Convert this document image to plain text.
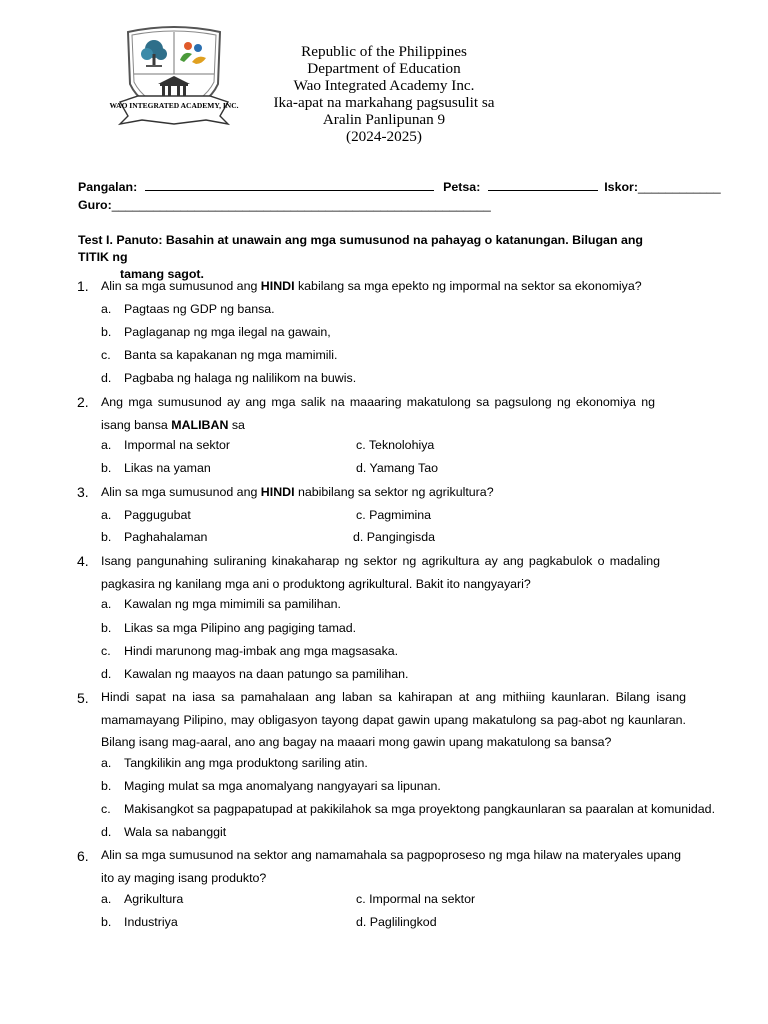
WAO INTEGRATED ACADEMY, INC.
Republic of the Philippines
Department of Education
Wao Integrated Academy Inc.
Ika-apat na markahang pagsusulit sa
Aralin Panlipunan 9
(2024-2025)
Pangalan:	Petsa:	Iskor:____________
Guro:_______________________________________________________
Test I. Panuto: Basahin at unawain ang mga sumusunod na pahayag o katanungan. Bilugan ang TITIK ng
tamang sagot.
1. Alin sa mga sumusunod ang HINDI kabilang sa mga epekto ng impormal na sektor sa ekonomiya?
a. Pagtaas ng GDP ng bansa.
b. Paglaganap ng mga ilegal na gawain,
c. Banta sa kapakanan ng mga mamimili.
d. Pagbaba ng halaga ng nalilikom na buwis.
2. Ang mga sumusunod ay ang mga salik na maaaring makatulong sa pagsulong ng ekonomiya ng isang bansa MALIBAN sa
a. Impormal na sektor	c. Teknolohiya
b. Likas na yaman	d. Yamang Tao
3. Alin sa mga sumusunod ang HINDI nabibilang sa sektor ng agrikultura?
a. Paggugubat	c. Pagmimina
b. Paghahalaman	d. Pangingisda
4. Isang pangunahing suliraning kinakaharap ng sektor ng agrikultura ay ang pagkabulok o madaling pagkasira ng kanilang mga ani o produktong agrikultural. Bakit ito nangyayari?
a. Kawalan ng mga mimimili sa pamilihan.
b. Likas sa mga Pilipino ang pagiging tamad.
c. Hindi marunong mag-imbak ang mga magsasaka.
d. Kawalan ng maayos na daan patungo sa pamilihan.
5. Hindi sapat na iasa sa pamahalaan ang laban sa kahirapan at ang mithiing kaunlaran. Bilang isang mamamayang Pilipino, may obligasyon tayong dapat gawin upang makatulong sa pag-abot ng kaunlaran. Bilang isang mag-aaral, ano ang bagay na maaari mong gawin upang makatulong sa bansa?
a. Tangkilikin ang mga produktong sariling atin.
b. Maging mulat sa mga anomalyang nangyayari sa lipunan.
c. Makisangkot sa pagpapatupad at pakikilahok sa mga proyektong pangkaunlaran sa paaralan at komunidad.
d. Wala sa nabanggit
6. Alin sa mga sumusunod na sektor ang namamahala sa pagpoproseso ng mga hilaw na materyales upang ito ay maging isang produkto?
a. Agrikultura	c. Impormal na sektor
b. Industriya	d. Paglilingkod
